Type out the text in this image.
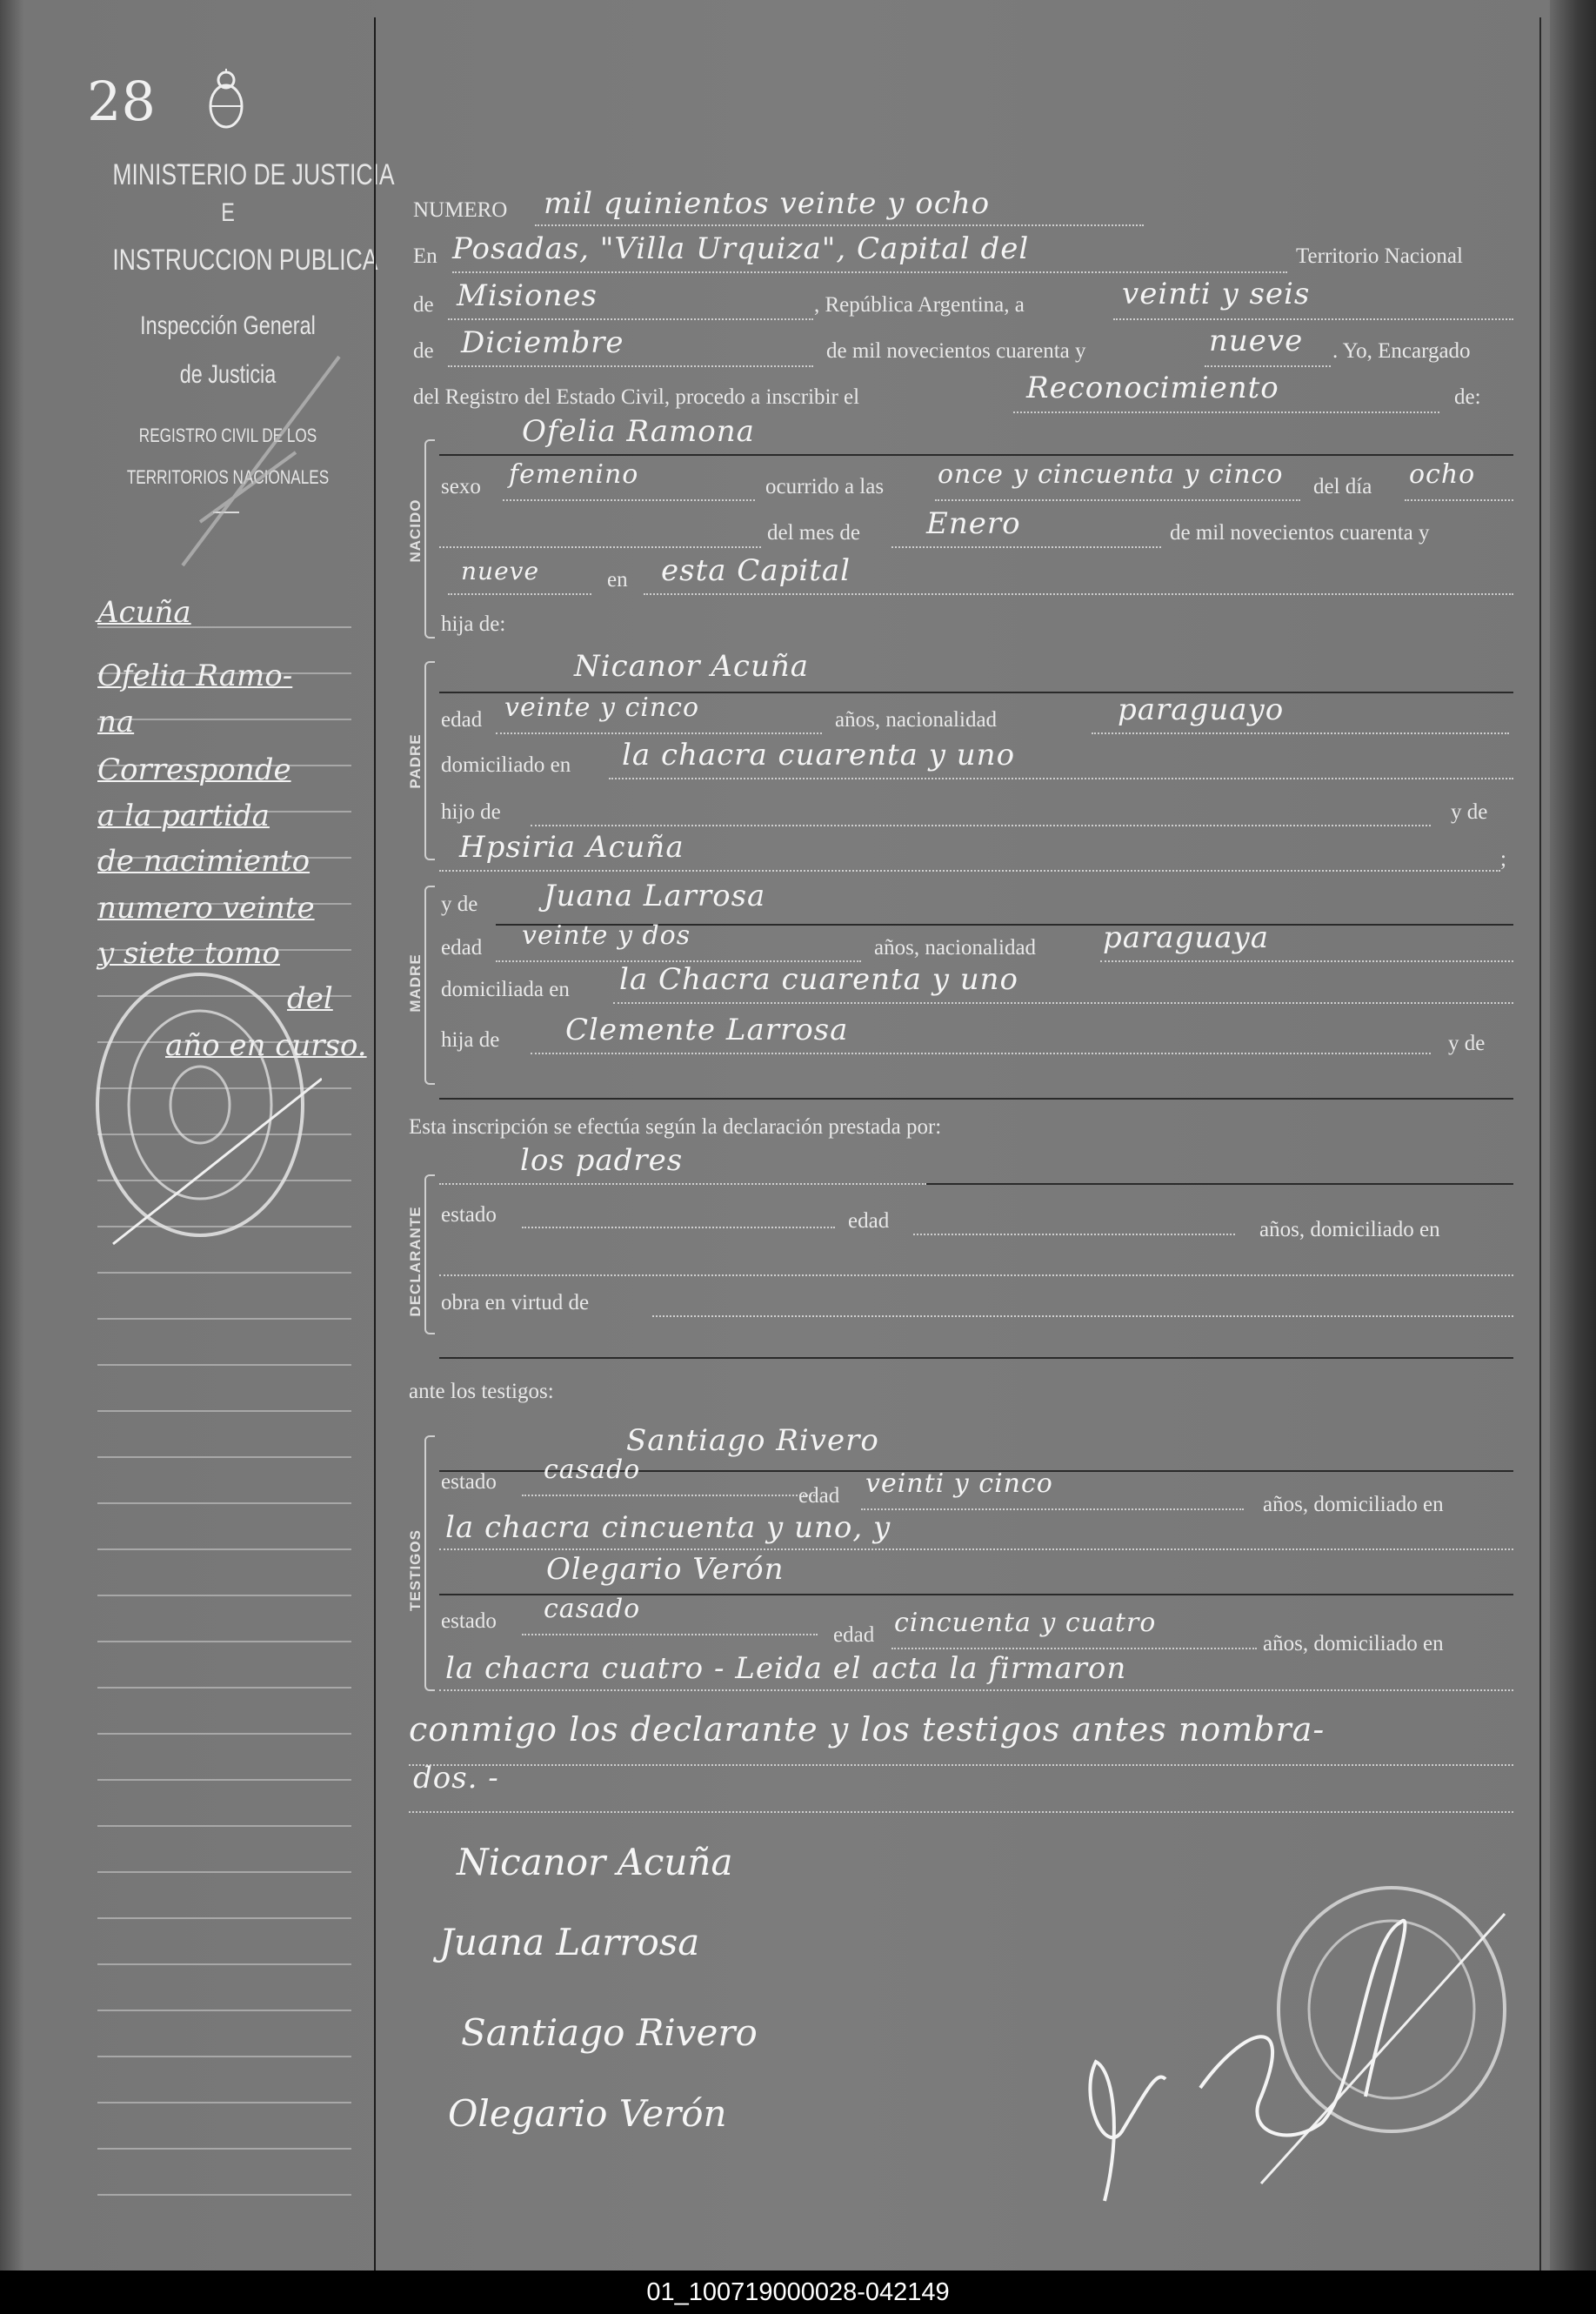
28
MINISTERIO DE JUSTICIA
E
INSTRUCCION PUBLICA
Inspección General
de Justicia
REGISTRO CIVIL DE LOS
TERRITORIOS NACIONALES
Acuña
Ofelia Ramo-
na
Corresponde
a la partida
de nacimiento
numero veinte
y siete tomo
del
año en curso.
NUMERO mil quinientos veinte y ocho
En Posadas, "Villa Urquiza", Capital del	Territorio Nacional
de Misiones	, República Argentina, a	veinti y seis
de Diciembre	de mil novecientos cuarenta y	nueve . Yo, Encargado
del Registro del Estado Civil, procedo a inscribir el	Reconocimiento	de:
NACIDO
Ofelia Ramona
sexo femenino	ocurrido a las once y cincuenta y cinco del día ocho
del mes de Enero	de mil novecientos cuarenta y
nueve	en esta Capital
hija de:
PADRE
Nicanor Acuña
edad veinte y cinco	años, nacionalidad	paraguayo
domiciliado en la chacra cuarenta y uno
hijo de	y de
Hpsiria Acuña	;
MADRE
y de Juana Larrosa
edad veinte y dos	años, nacionalidad paraguaya
domiciliada en la Chacra cuarenta y uno
hija de Clemente Larrosa	y de
Esta inscripción se efectúa según la declaración prestada por:
DECLARANTE
los padres
estado	edad	años, domiciliado en
obra en virtud de
ante los testigos:
TESTIGOS
Santiago Rivero
estado casado
edad veinti y cinco
años, domiciliado en
la chacra cincuenta y uno, y
Olegario Verón
estado casado
edad cincuenta y cuatro
años, domiciliado en
la chacra cuatro - Leida el acta la firmaron
conmigo los declarante y los testigos antes nombra-
dos. -
Nicanor Acuña
Juana Larrosa
Santiago Rivero
Olegario Verón
01_100719000028-042149
